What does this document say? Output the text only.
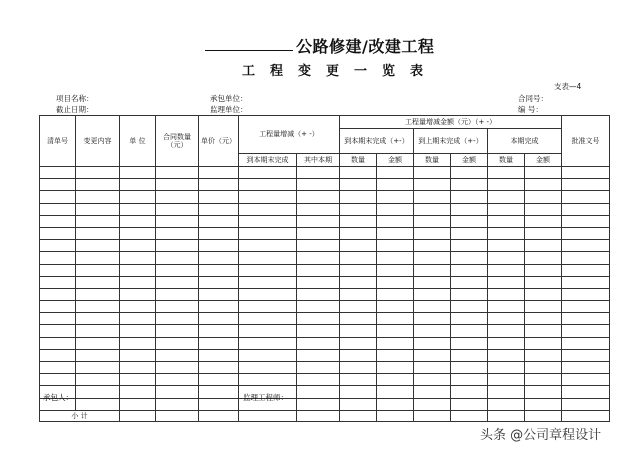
公路修建/改建工程
工程变更一览表
支表—4
项目名称：	承包单位：	合同号：
截止日期：	监理单位：	编 号：
清单号	变更内容	单 位	合同数量（元）	单价（元）	工程量增减（+ -）		工程量增减金额（元）（+ -）						批准文号
							到本期末完成（+-）		到上期末完成（+-）		本期完成		
					到本期末完成	其中本期	数量	金额	数量	金额	数量	金额	

小 计													
承包人：	监理工程师：
头条 @公司章程设计
